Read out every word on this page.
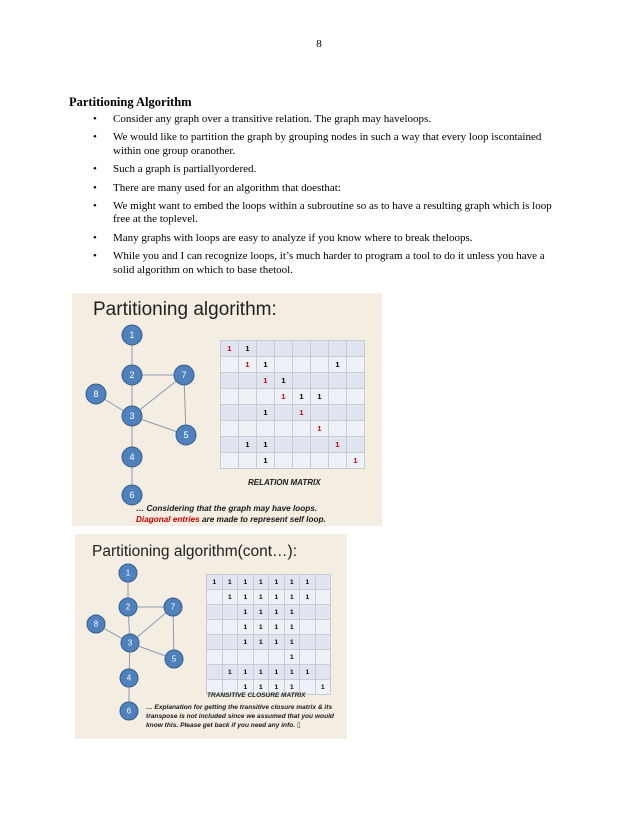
8
Partitioning Algorithm
• Consider any graph over a transitive relation. The graph may haveloops.
• We would like to partition the graph by grouping nodes in such a way that every loop iscontained within one group oranother.
• Such a graph is partiallyordered.
• There are many used for an algorithm that doesthat:
• We might want to embed the loops within a subroutine so as to have a resulting graph which is loop free at the toplevel.
• Many graphs with loops are easy to analyze if you know where to break theloops.
• While you and I can recognize loops, it’s much harder to program a tool to do it unless you have a solid algorithm on which to base thetool.
Partitioning algorithm:
1
2	7
8
3
5
4
6
1	1						
	1	1				1	
		1	1				
			1	1	1		
		1		1			
					1		
	1	1				1	
		1					1
RELATION MATRIX
… Considering that the graph may have loops.
Diagonal entries are made to represent self loop.
Partitioning algorithm(cont…):
1
2	7
8
3
5
4
6
1	1	1	1	1	1	1	
	1	1	1	1	1	1	
		1	1	1	1		
		1	1	1	1		
		1	1	1	1		
					1		
	1	1	1	1	1	1	
		1	1	1	1		1
TRANSITIVE CLOSURE MATRIX
… Explanation for getting the transitive closure matrix & its transpose is not included since we assumed that you would know this. Please get back if you need any info. ▯
